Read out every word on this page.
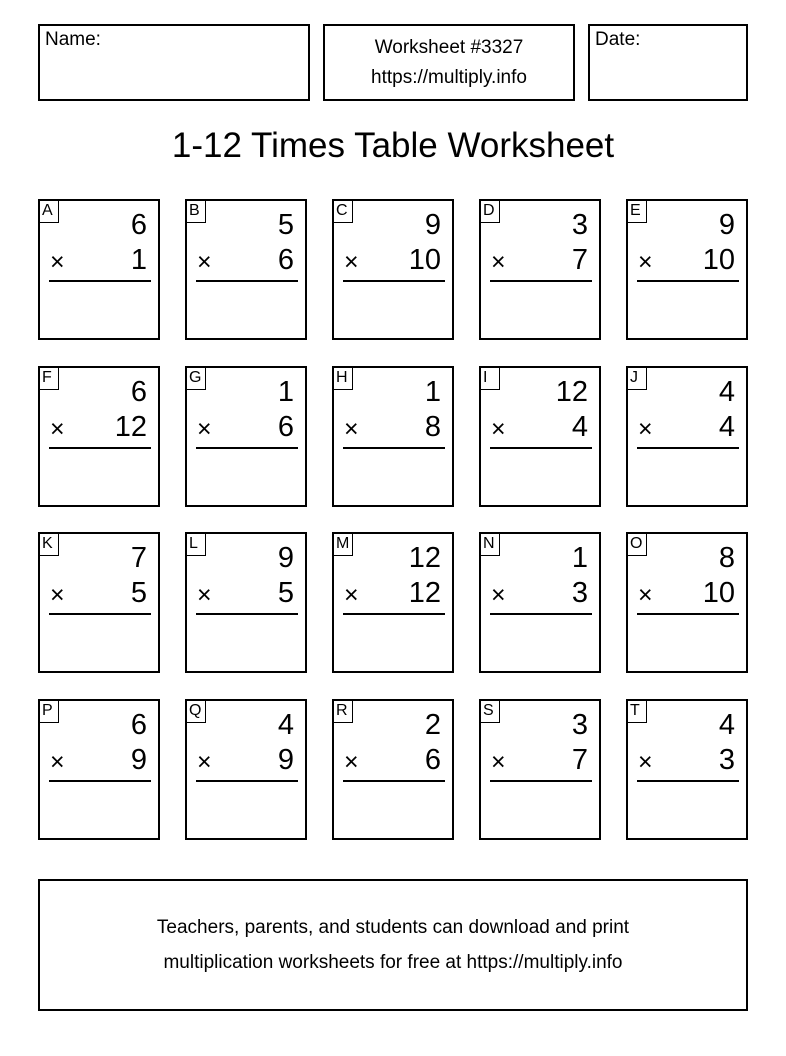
Name:	Worksheet #3327
https://multiply.info
Date:
1-12 Times Table Worksheet
A	6
× 1
B	5
× 6
C	9
× 10
D	3
× 7
E	9
× 10
F	6
× 12
G	1
× 6
H	1
× 8
I	12
× 4
J	4
× 4
K	7
× 5
L	9
× 5
M 12
× 12
N	1
× 3
O	8
× 10
P	6
× 9
Q	4
× 9
R	2
× 6
S	3
× 7
T	4
× 3
Teachers, parents, and students can download and print
multiplication worksheets for free at https://multiply.info
